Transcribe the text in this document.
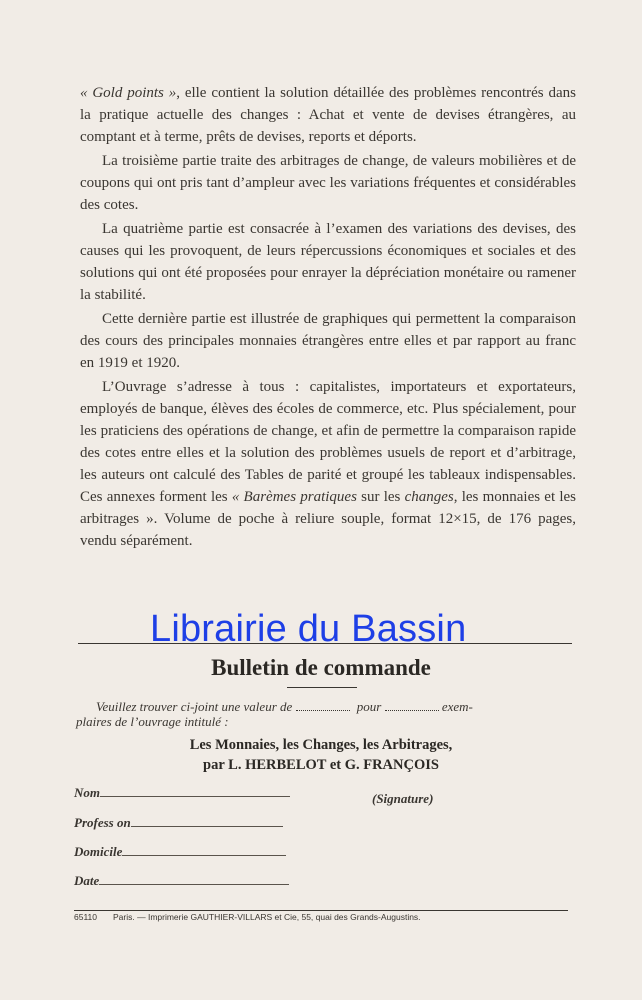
« Gold points », elle contient la solution détaillée des problèmes rencontrés dans la pratique actuelle des changes : Achat et vente de devises étrangères, au comptant et à terme, prêts de devises, reports et déports.

La troisième partie traite des arbitrages de change, de valeurs mobilières et de coupons qui ont pris tant d’ampleur avec les variations fréquentes et considérables des cotes.

La quatrième partie est consacrée à l’examen des variations des devises, des causes qui les provoquent, de leurs répercussions économiques et sociales et des solutions qui ont été proposées pour enrayer la dépréciation monétaire ou ramener la stabilité.

Cette dernière partie est illustrée de graphiques qui permettent la comparaison des cours des principales monnaies étrangères entre elles et par rapport au franc en 1919 et 1920.

L’Ouvrage s’adresse à tous : capitalistes, importateurs et exportateurs, employés de banque, élèves des écoles de commerce, etc. Plus spécialement, pour les praticiens des opérations de change, et afin de permettre la comparaison rapide des cotes entre elles et la solution des problèmes usuels de report et d’arbitrage, les auteurs ont calculé des Tables de parité et groupé les tableaux indispensables. Ces annexes forment les « Barèmes pratiques sur les changes, les monnaies et les arbitrages ». Volume de poche à reliure souple, format 12×15, de 176 pages, vendu séparément.

Librairie du Bassin
Bulletin de commande
Veuillez trouver ci-joint une valeur de	pour	exem-
plaires de l’ouvrage intitulé :
Les Monnaies, les Changes, les Arbitrages,
par L. HERBELOT et G. FRANÇOIS
Nom	(Signature)
Profess on
Domicile
Date
65110 Paris. — Imprimerie GAUTHIER-VILLARS et Cie, 55, quai des Grands-Augustins.
